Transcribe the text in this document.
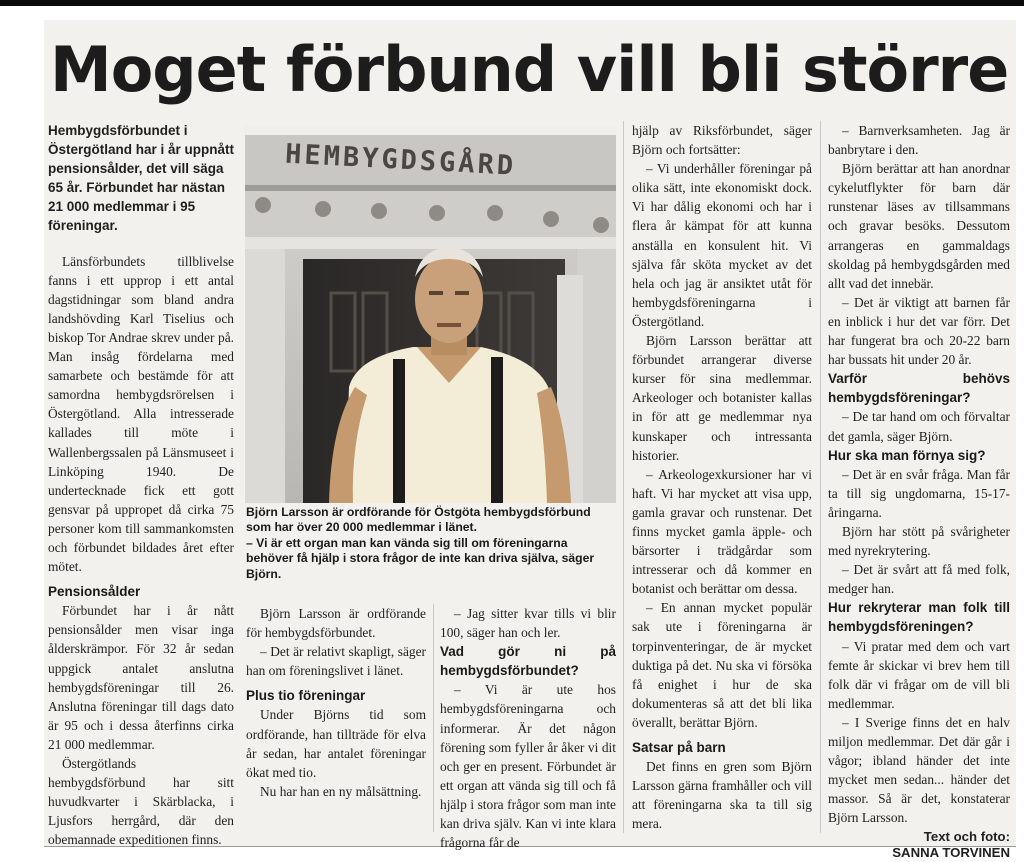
Moget förbund vill bli större
Hembygdsförbundet i Östergötland har i år uppnått pensionsålder, det vill säga 65 år. Förbundet har nästan 21 000 medlemmar i 95 föreningar.

Länsförbundets tillblivelse fanns i ett upprop i ett antal dagstidningar som bland andra landshövding Karl Tiselius och biskop Tor Andrae skrev under på. Man insåg fördelarna med samarbete och bestämde för att samordna hembygdsrörelsen i Östergötland. Alla intresserade kallades till möte i Wallenbergssalen på Länsmuseet i Linköping 1940. De undertecknade fick ett gott gensvar på uppropet då cirka 75 personer kom till sammankomsten och förbundet bildades året efter mötet.

Pensionsålder

Förbundet har i år nått pensionsålder men visar inga ålderskrämpor. För 32 år sedan uppgick antalet anslutna hembygdsföreningar till 26. Anslutna föreningar till dags dato är 95 och i dessa återfinns cirka 21 000 medlemmar.

Östergötlands hembygdsförbund har sitt huvudkvarter i Skärblacka, i Ljusfors herrgård, där den obemannade expeditionen finns.

HEMBYGDSGÅRD
Björn Larsson är ordförande för Östgöta hembygdsförbund som har över 20 000 medlemmar i länet.
– Vi är ett organ man kan vända sig till om föreningarna behöver få hjälp i stora frågor de inte kan driva själva, säger Björn.

Björn Larsson är ordförande för hembygdsförbundet.

– Det är relativt skapligt, säger han om föreningslivet i länet.

Plus tio föreningar

Under Björns tid som ordförande, han tillträde för elva år sedan, har antalet föreningar ökat med tio.

Nu har han en ny målsättning.

– Jag sitter kvar tills vi blir 100, säger han och ler.

Vad gör ni på hembygdsförbundet?

– Vi är ute hos hembygdsföreningarna och informerar. Är det någon förening som fyller år åker vi dit och ger en present. Förbundet är ett organ att vända sig till och få hjälp i stora frågor som man inte kan driva själv. Kan vi inte klara frågorna får de

hjälp av Riksförbundet, säger Björn och fortsätter:

– Vi underhåller föreningar på olika sätt, inte ekonomiskt dock. Vi har dålig ekonomi och har i flera år kämpat för att kunna anställa en konsulent hit. Vi själva får sköta mycket av det hela och jag är ansiktet utåt för hembygdsföreningarna i Östergötland.

Björn Larsson berättar att förbundet arrangerar diverse kurser för sina medlemmar. Arkeologer och botanister kallas in för att ge medlemmar nya kunskaper och intressanta historier.

– Arkeologexkursioner har vi haft. Vi har mycket att visa upp, gamla gravar och runstenar. Det finns mycket gamla äpple- och bärsorter i trädgårdar som intresserar och då kommer en botanist och berättar om dessa.

– En annan mycket populär sak ute i föreningarna är torpinventeringar, de är mycket duktiga på det. Nu ska vi försöka få enighet i hur de ska dokumenteras så att det bli lika överallt, berättar Björn.

Satsar på barn

Det finns en gren som Björn Larsson gärna framhåller och vill att föreningarna ska ta till sig mera.

– Barnverksamheten. Jag är banbrytare i den.

Björn berättar att han anordnar cykelutflykter för barn där runstenar läses av tillsammans och gravar besöks. Dessutom arrangeras en gammaldags skoldag på hembygdsgården med allt vad det innebär.

– Det är viktigt att barnen får en inblick i hur det var förr. Det har fungerat bra och 20-22 barn har bussats hit under 20 år.

Varför behövs hembygdsföreningar?

– De tar hand om och förvaltar det gamla, säger Björn.

Hur ska man förnya sig?

– Det är en svår fråga. Man får ta till sig ungdomarna, 15-17-åringarna.

Björn har stött på svårigheter med nyrekrytering.

– Det är svårt att få med folk, medger han.

Hur rekryterar man folk till hembygdsföreningen?

– Vi pratar med dem och vart femte år skickar vi brev hem till folk där vi frågar om de vill bli medlemmar.

– I Sverige finns det en halv miljon medlemmar. Det där går i vågor; ibland händer det inte mycket men sedan... händer det massor. Så är det, konstaterar Björn Larsson.

Text och foto:
SANNA TORVINEN
